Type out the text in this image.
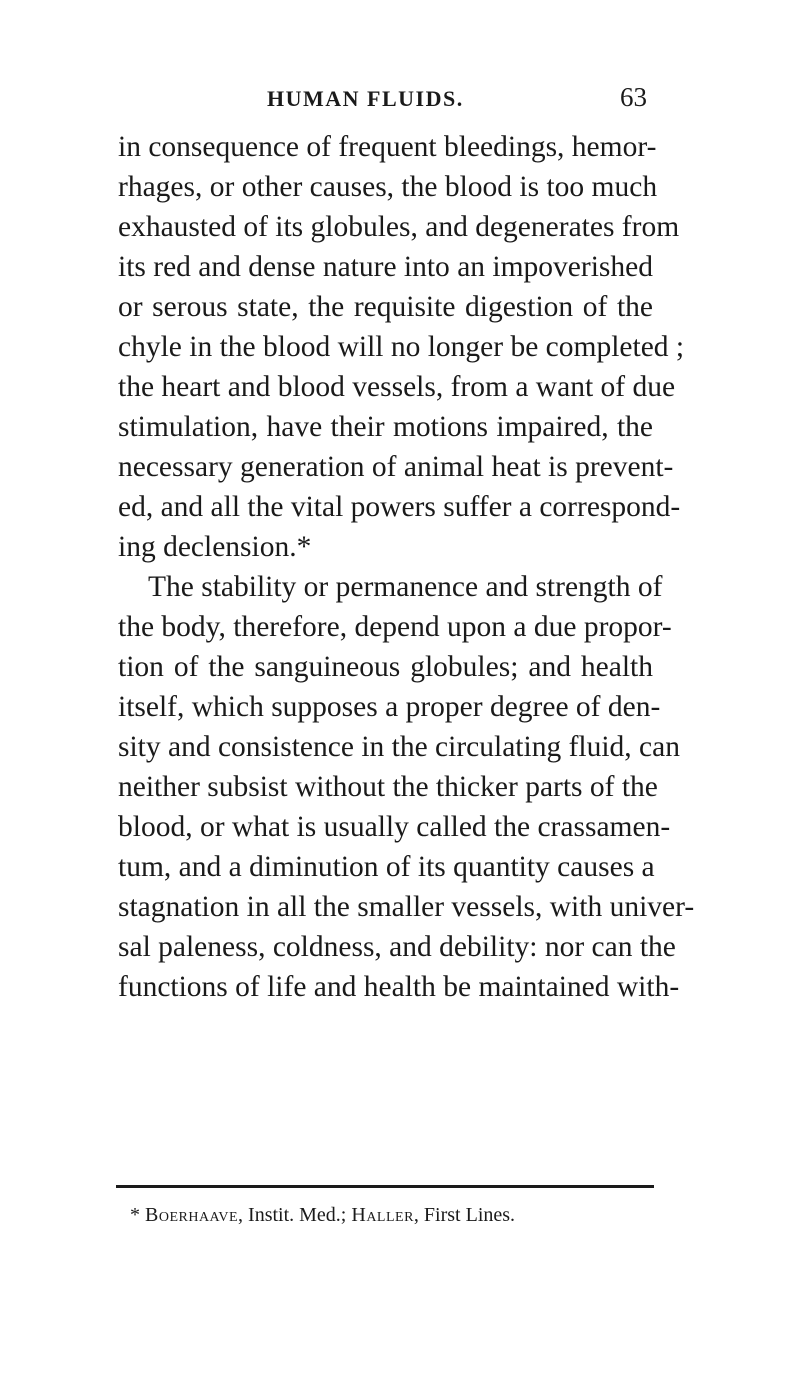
HUMAN FLUIDS.	63
in consequence of frequent bleedings, hemor-
rhages, or other causes, the blood is too much
exhausted of its globules, and degenerates from
its red and dense nature into an impoverished
or serous state, the requisite digestion of the
chyle in the blood will no longer be completed ;
the heart and blood vessels, from a want of due
stimulation, have their motions impaired, the
necessary generation of animal heat is prevent-
ed, and all the vital powers suffer a correspond-
ing declension.*
The stability or permanence and strength of
the body, therefore, depend upon a due propor-
tion of the sanguineous globules; and health
itself, which supposes a proper degree of den-
sity and consistence in the circulating fluid, can
neither subsist without the thicker parts of the
blood, or what is usually called the crassamen-
tum, and a diminution of its quantity causes a
stagnation in all the smaller vessels, with univer-
sal paleness, coldness, and debility: nor can the
functions of life and health be maintained with-
* Boerhaave, Instit. Med.; Haller, First Lines.
